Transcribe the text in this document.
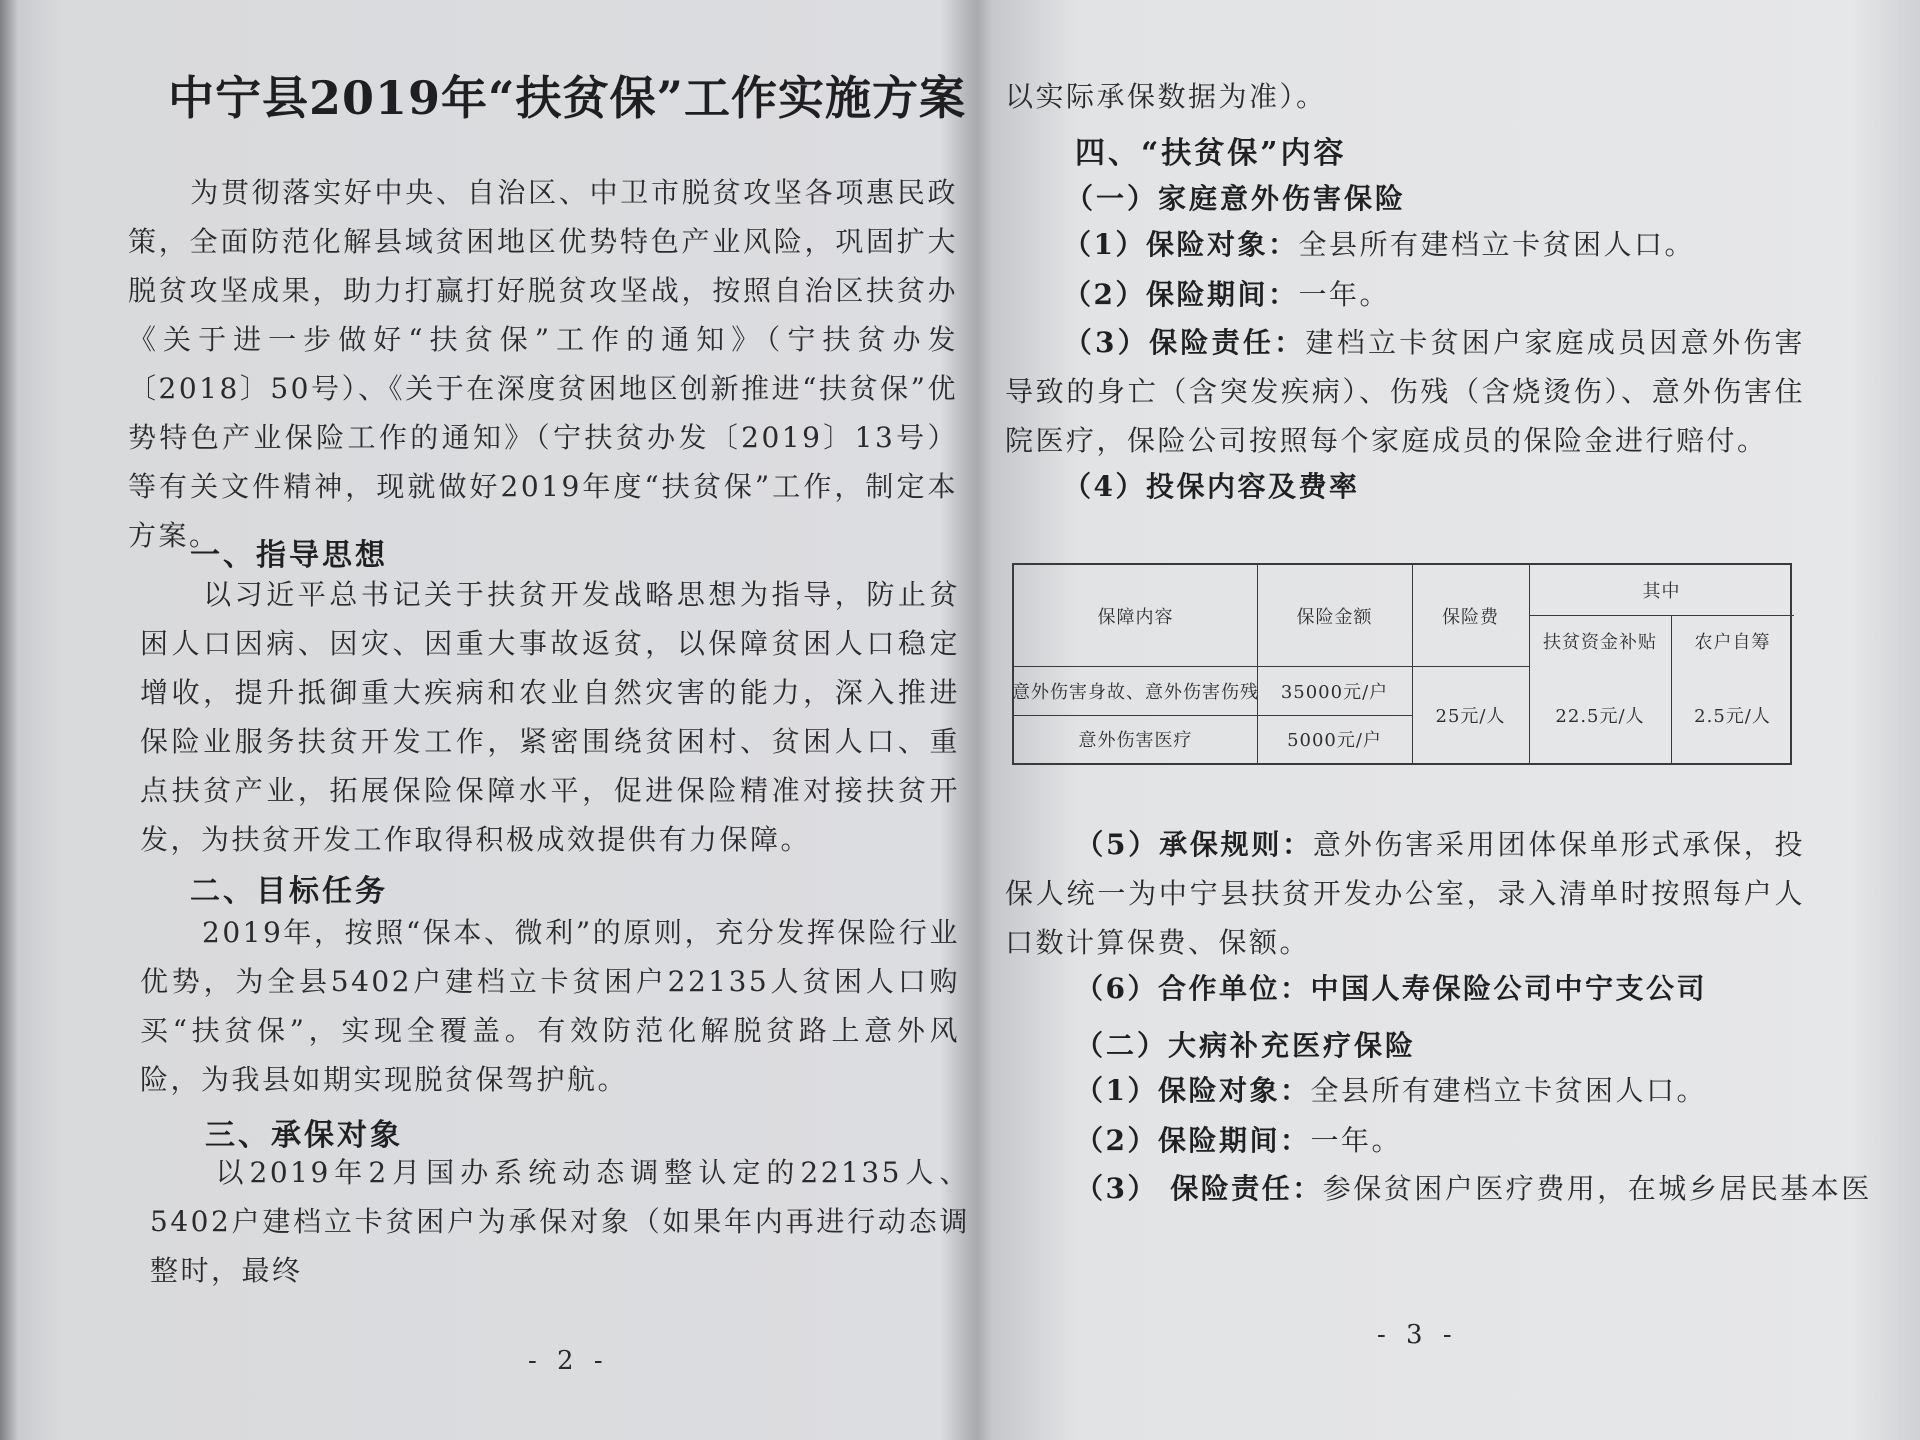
中宁县2019年“扶贫保”工作实施方案

为贯彻落实好中央、自治区、中卫市脱贫攻坚各项惠民政策，全面防范化解县域贫困地区优势特色产业风险，巩固扩大脱贫攻坚成果，助力打赢打好脱贫攻坚战，按照自治区扶贫办《关于进一步做好“扶贫保”工作的通知》（宁扶贫办发〔2018〕50号）、《关于在深度贫困地区创新推进“扶贫保”优势特色产业保险工作的通知》（宁扶贫办发〔2019〕13号）等有关文件精神，现就做好2019年度“扶贫保”工作，制定本方案。

一、指导思想

以习近平总书记关于扶贫开发战略思想为指导，防止贫困人口因病、因灾、因重大事故返贫，以保障贫困人口稳定增收，提升抵御重大疾病和农业自然灾害的能力，深入推进保险业服务扶贫开发工作，紧密围绕贫困村、贫困人口、重点扶贫产业，拓展保险保障水平，促进保险精准对接扶贫开发，为扶贫开发工作取得积极成效提供有力保障。

二、目标任务

2019年，按照“保本、微利”的原则，充分发挥保险行业优势，为全县5402户建档立卡贫困户22135人贫困人口购买“扶贫保”，实现全覆盖。有效防范化解脱贫路上意外风险，为我县如期实现脱贫保驾护航。

三、承保对象

以2019年2月国办系统动态调整认定的22135人、5402户建档立卡贫困户为承保对象（如果年内再进行动态调整时，最终

- 2 -

以实际承保数据为准）。

四、“扶贫保”内容
（一）家庭意外伤害保险

（1）保险对象：全县所有建档立卡贫困人口。

（2）保险期间：一年。

（3）保险责任：建档立卡贫困户家庭成员因意外伤害导致的身亡（含突发疾病）、伤残（含烧烫伤）、意外伤害住院医疗，保险公司按照每个家庭成员的保险金进行赔付。

（4）投保内容及费率

保障内容	保险金额	保险费
其中
扶贫资金补贴	农户自筹
意外伤害身故、意外伤害伤残	35000元/户
意外伤害医疗	5000元/户
25元/人	22.5元/人	2.5元/人

（5）承保规则：意外伤害采用团体保单形式承保，投保人统一为中宁县扶贫开发办公室，录入清单时按照每户人口数计算保费、保额。

（6）合作单位：中国人寿保险公司中宁支公司

（二）大病补充医疗保险

（1）保险对象：全县所有建档立卡贫困人口。

（2）保险期间：一年。

（3） 保险责任：参保贫困户医疗费用，在城乡居民基本医

- 3 -
